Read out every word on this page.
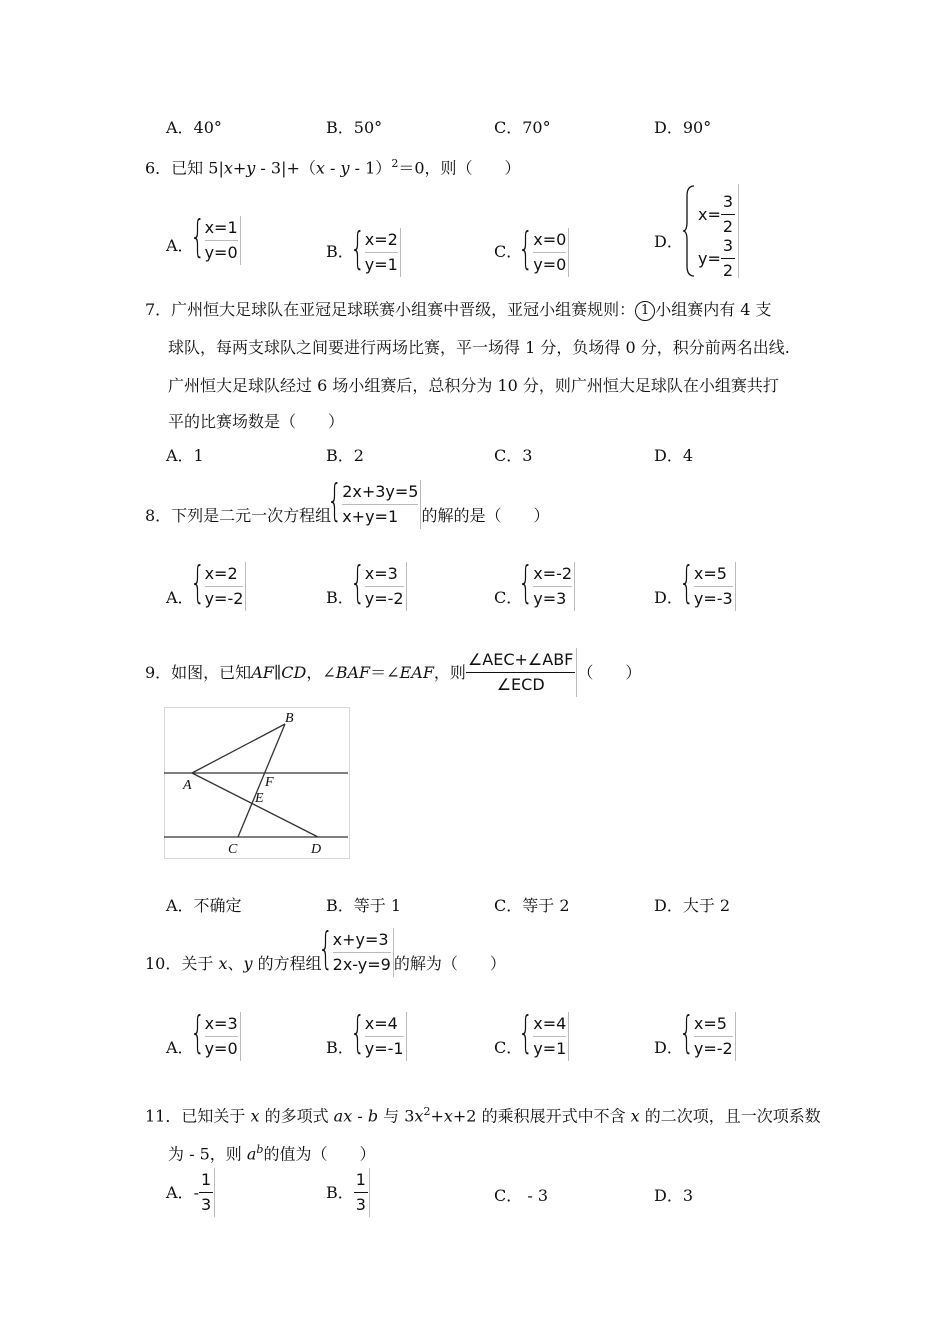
A．40°	B．50°	C．70°	D．90°
6．已知 5|x+y - 3|+（x - y - 1）$^2$＝0，则（　　）
A． { $\frac{x=1}{y=0}$	B． { $\frac{x=2}{y=1}$	C． { $\frac{x=0}{y=0}$	D．
$x= \frac{3}{2}$
$y= \frac{3}{2}$
7．广州恒大足球队在亚冠足球联赛小组赛中晋级，亚冠小组赛规则： 1 小组赛内有 4 支
球队，每两支球队之间要进行两场比赛，平一场得 1 分，负场得 0 分，积分前两名出线.
广州恒大足球队经过 6 场小组赛后，总积分为 10 分，则广州恒大足球队在小组赛共打
平的比赛场数是（　　）
A．1	B．2	C．3	D．4
8．下列是二元一次方程组 { $\frac{2x+3y=5}{x+y=1}$ 的解的是（　　）
A． { $\frac{x=2}{y=-2}$	B． { $\frac{x=3}{y=-2}$	C． { $\frac{x=-2}{y=3}$	D． { $\frac{x=5}{y=-3}$
9．如图，已知 AF ∥ CD ，∠ BAF ＝∠ EAF ，则 $\frac{\text{∠AEC+∠ABF}}{\text{∠ECD}}$ （　　）
B
A	F
E
C	D
A．不确定	B．等于 1	C．等于 2	D．大于 2
10．关于 x、y 的方程组 { $\frac{x+y=3}{2x-y=9}$ 的解为（　　）
A． { $\frac{x=3}{y=0}$	B． { $\frac{x=4}{y=-1}$	C． { $\frac{x=4}{y=1}$	D． { $\frac{x=5}{y=-2}$
11．已知关于 x 的多项式 ax - b 与 $3x^2+x+2$ 的乘积展开式中不含 x 的二次项，且一次项系数
为 - 5，则 $a^b$的值为（　　）
A． - $\frac{1}{3}$	B． $\frac{1}{3}$	C． - 3	D．3
